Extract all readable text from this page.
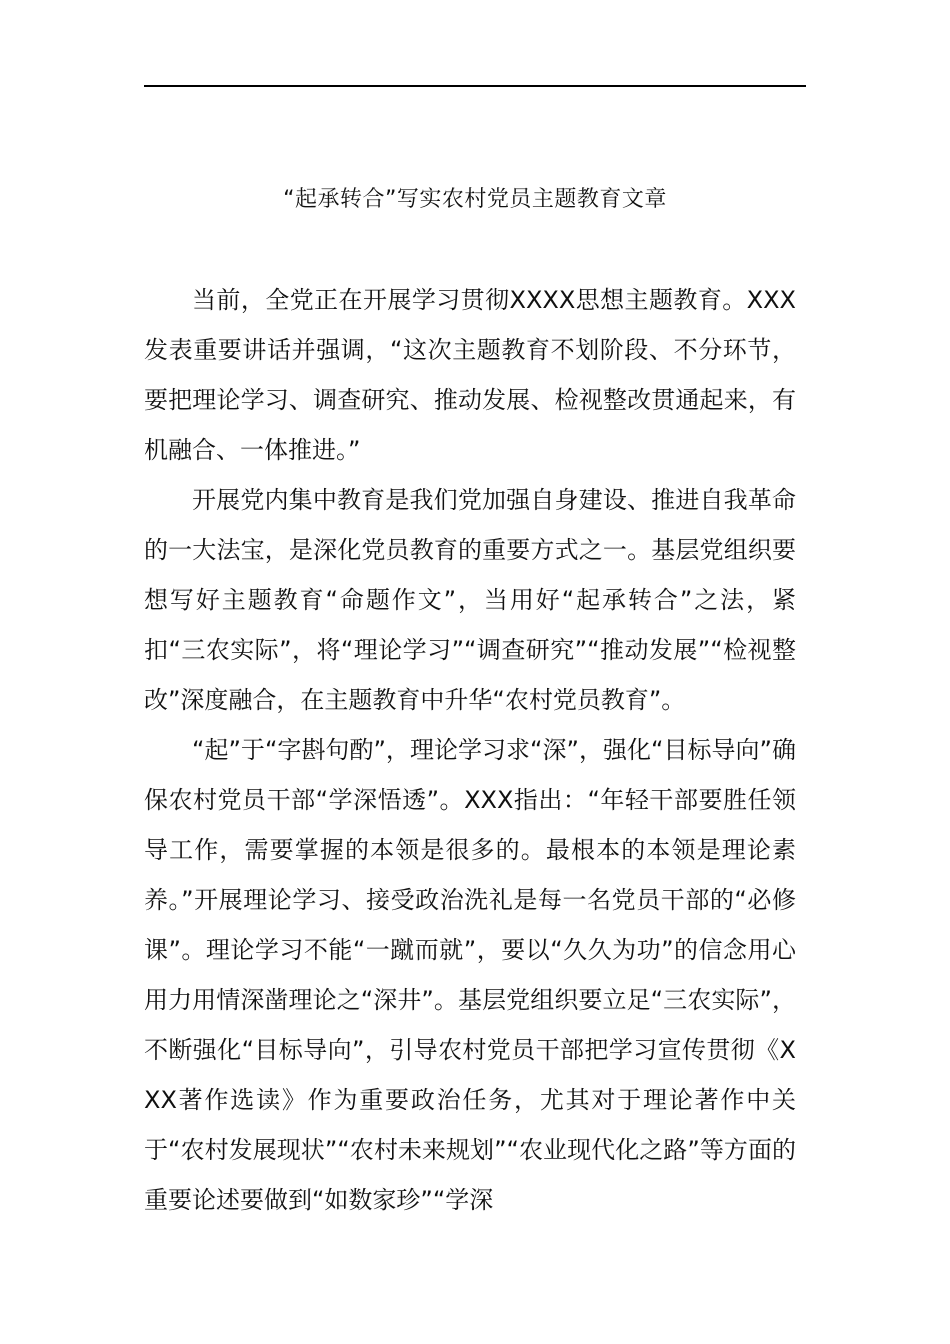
“起承转合”写实农村党员主题教育文章

当前，全党正在开展学习贯彻XXXX思想主题教育。XXX发表重要讲话并强调，“这次主题教育不划阶段、不分环节，要把理论学习、调查研究、推动发展、检视整改贯通起来，有机融合、一体推进。”

开展党内集中教育是我们党加强自身建设、推进自我革命的一大法宝，是深化党员教育的重要方式之一。基层党组织要想写好主题教育“命题作文”，当用好“起承转合”之法，紧扣“三农实际”，将“理论学习”“调查研究”“推动发展”“检视整改”深度融合，在主题教育中升华“农村党员教育”。

“起”于“字斟句酌”，理论学习求“深”，强化“目标导向”确保农村党员干部“学深悟透”。XXX指出：“年轻干部要胜任领导工作，需要掌握的本领是很多的。最根本的本领是理论素养。”开展理论学习、接受政治洗礼是每一名党员干部的“必修课”。理论学习不能“一蹴而就”，要以“久久为功”的信念用心用力用情深凿理论之“深井”。基层党组织要立足“三农实际”，不断强化“目标导向”，引导农村党员干部把学习宣传贯彻《XXX著作选读》作为重要政治任务，尤其对于理论著作中关于“农村发展现状”“农村未来规划”“农业现代化之路”等方面的重要论述要做到“如数家珍”“学深
